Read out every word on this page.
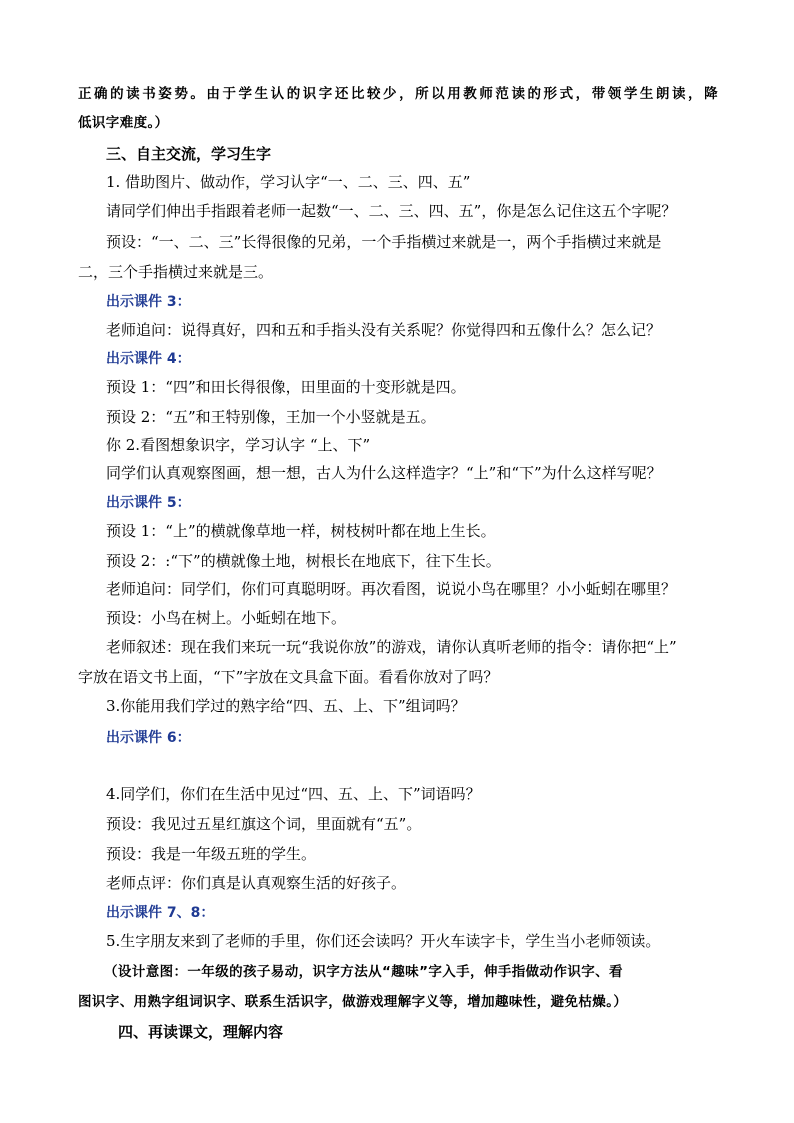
正确的读书姿势。由于学生认的识字还比较少，所以用教师范读的形式，带领学生朗读，降
低识字难度。）
三、自主交流，学习生字
1. 借助图片、做动作，学习认字“一、二、三、四、五”
请同学们伸出手指跟着老师一起数“一、二、三、四、五”，你是怎么记住这五个字呢？
预设：“一、二、三”长得很像的兄弟，一个手指横过来就是一，两个手指横过来就是
二，三个手指横过来就是三。
出示课件 3：
老师追问：说得真好，四和五和手指头没有关系呢？你觉得四和五像什么？怎么记？
出示课件 4：
预设 1：“四”和田长得很像，田里面的十变形就是四。
预设 2：“五”和王特别像，王加一个小竖就是五。
你 2.看图想象识字，学习认字 “上、下”
同学们认真观察图画，想一想，古人为什么这样造字？“上”和“下”为什么这样写呢？
出示课件 5：
预设 1：“上”的横就像草地一样，树枝树叶都在地上生长。
预设 2：:“下”的横就像土地，树根长在地底下，往下生长。
老师追问：同学们，你们可真聪明呀。再次看图，说说小鸟在哪里？小小蚯蚓在哪里？
预设：小鸟在树上。小蚯蚓在地下。
老师叙述：现在我们来玩一玩“我说你放”的游戏，请你认真听老师的指令：请你把“上”
字放在语文书上面，“下”字放在文具盒下面。看看你放对了吗？
3.你能用我们学过的熟字给“四、五、上、下”组词吗？
出示课件 6：
4.同学们，你们在生活中见过“四、五、上、下”词语吗？
预设：我见过五星红旗这个词，里面就有“五”。
预设：我是一年级五班的学生。
老师点评：你们真是认真观察生活的好孩子。
出示课件 7、8：
5.生字朋友来到了老师的手里，你们还会读吗？开火车读字卡，学生当小老师领读。
（设计意图：一年级的孩子易动，识字方法从“趣味”字入手，伸手指做动作识字、看
图识字、用熟字组词识字、联系生活识字，做游戏理解字义等，增加趣味性，避免枯燥。）
四、再读课文，理解内容
